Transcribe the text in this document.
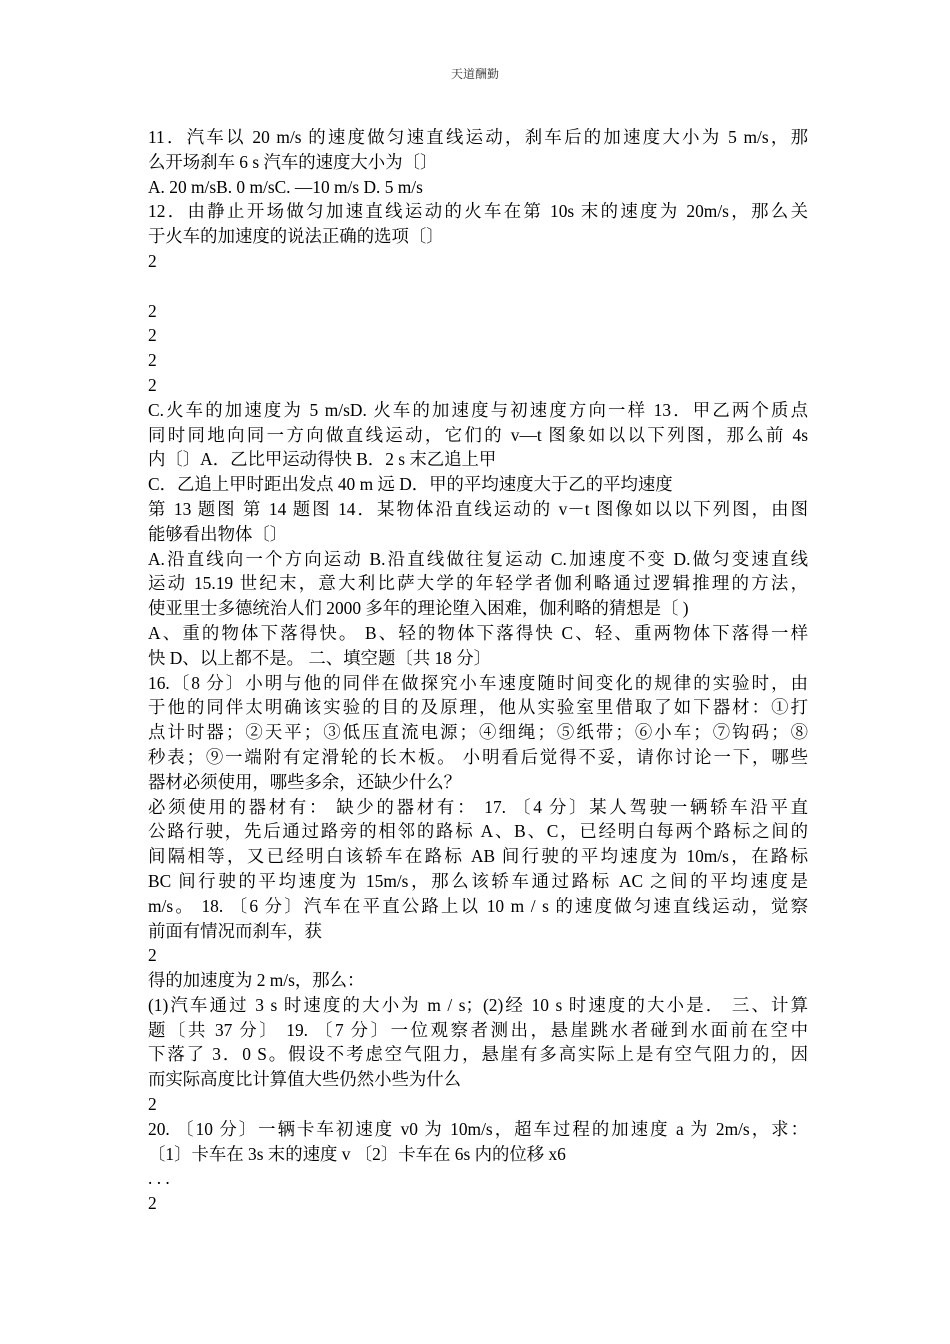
天道酬勤
11．汽车以 20 m/s 的速度做匀速直线运动，刹车后的加速度大小为 5 m/s，那
么开场刹车 6 s 汽车的速度大小为〔〕
A. 20 m/sB. 0 m/sC. —10 m/s D. 5 m/s
12．由静止开场做匀加速直线运动的火车在第 10s 末的速度为 20m/s，那么关
于火车的加速度的说法正确的选项〔〕
2
2
2
2
2
C.火车的加速度为 5 m/sD. 火车的加速度与初速度方向一样 13．甲乙两个质点
同时同地向同一方向做直线运动，它们的 v—t 图象如以以下列图，那么前 4s
内〔〕A．乙比甲运动得快 B．2 s 末乙追上甲
C．乙追上甲时距出发点 40 m 远 D．甲的平均速度大于乙的平均速度
第 13 题图 第 14 题图 14．某物体沿直线运动的 v－t 图像如以以下列图，由图
能够看出物体〔〕
A.沿直线向一个方向运动 B.沿直线做往复运动 C.加速度不变 D.做匀变速直线
运动 15.19 世纪末，意大利比萨大学的年轻学者伽利略通过逻辑推理的方法，
使亚里士多德统治人们 2000 多年的理论堕入困难，伽利略的猜想是〔 )
A、重的物体下落得快。 B、轻的物体下落得快 C、轻、重两物体下落得一样
快 D、以上都不是。 二、填空题〔共 18 分〕
16.〔8 分〕小明与他的同伴在做探究小车速度随时间变化的规律的实验时，由
于他的同伴太明确该实验的目的及原理，他从实验室里借取了如下器材：①打
点计时器；②天平；③低压直流电源；④细绳；⑤纸带；⑥小车；⑦钩码；⑧
秒表；⑨一端附有定滑轮的长木板。 小明看后觉得不妥，请你讨论一下，哪些
器材必须使用，哪些多余，还缺少什么？
必须使用的器材有： 缺少的器材有： 17. 〔4 分〕某人驾驶一辆轿车沿平直
公路行驶，先后通过路旁的相邻的路标 A、B、C，已经明白每两个路标之间的
间隔相等，又已经明白该轿车在路标 AB 间行驶的平均速度为 10m/s，在路标
BC 间行驶的平均速度为 15m/s，那么该轿车通过路标 AC 之间的平均速度是
m/s。 18. 〔6 分〕汽车在平直公路上以 10 m / s 的速度做匀速直线运动，觉察
前面有情况而刹车，获
2
得的加速度为 2 m/s，那么：
(1)汽车通过 3 s 时速度的大小为 m / s；(2)经 10 s 时速度的大小是． 三、计算
题〔共 37 分〕 19. 〔7 分〕一位观察者测出，悬崖跳水者碰到水面前在空中
下落了 3．0 S。假设不考虑空气阻力，悬崖有多高实际上是有空气阻力的，因
而实际高度比计算值大些仍然小些为什么
2
20. 〔10 分〕一辆卡车初速度 v0 为 10m/s，超车过程的加速度 a 为 2m/s，求：
〔1〕卡车在 3s 末的速度 v 〔2〕卡车在 6s 内的位移 x6
. . .
2
